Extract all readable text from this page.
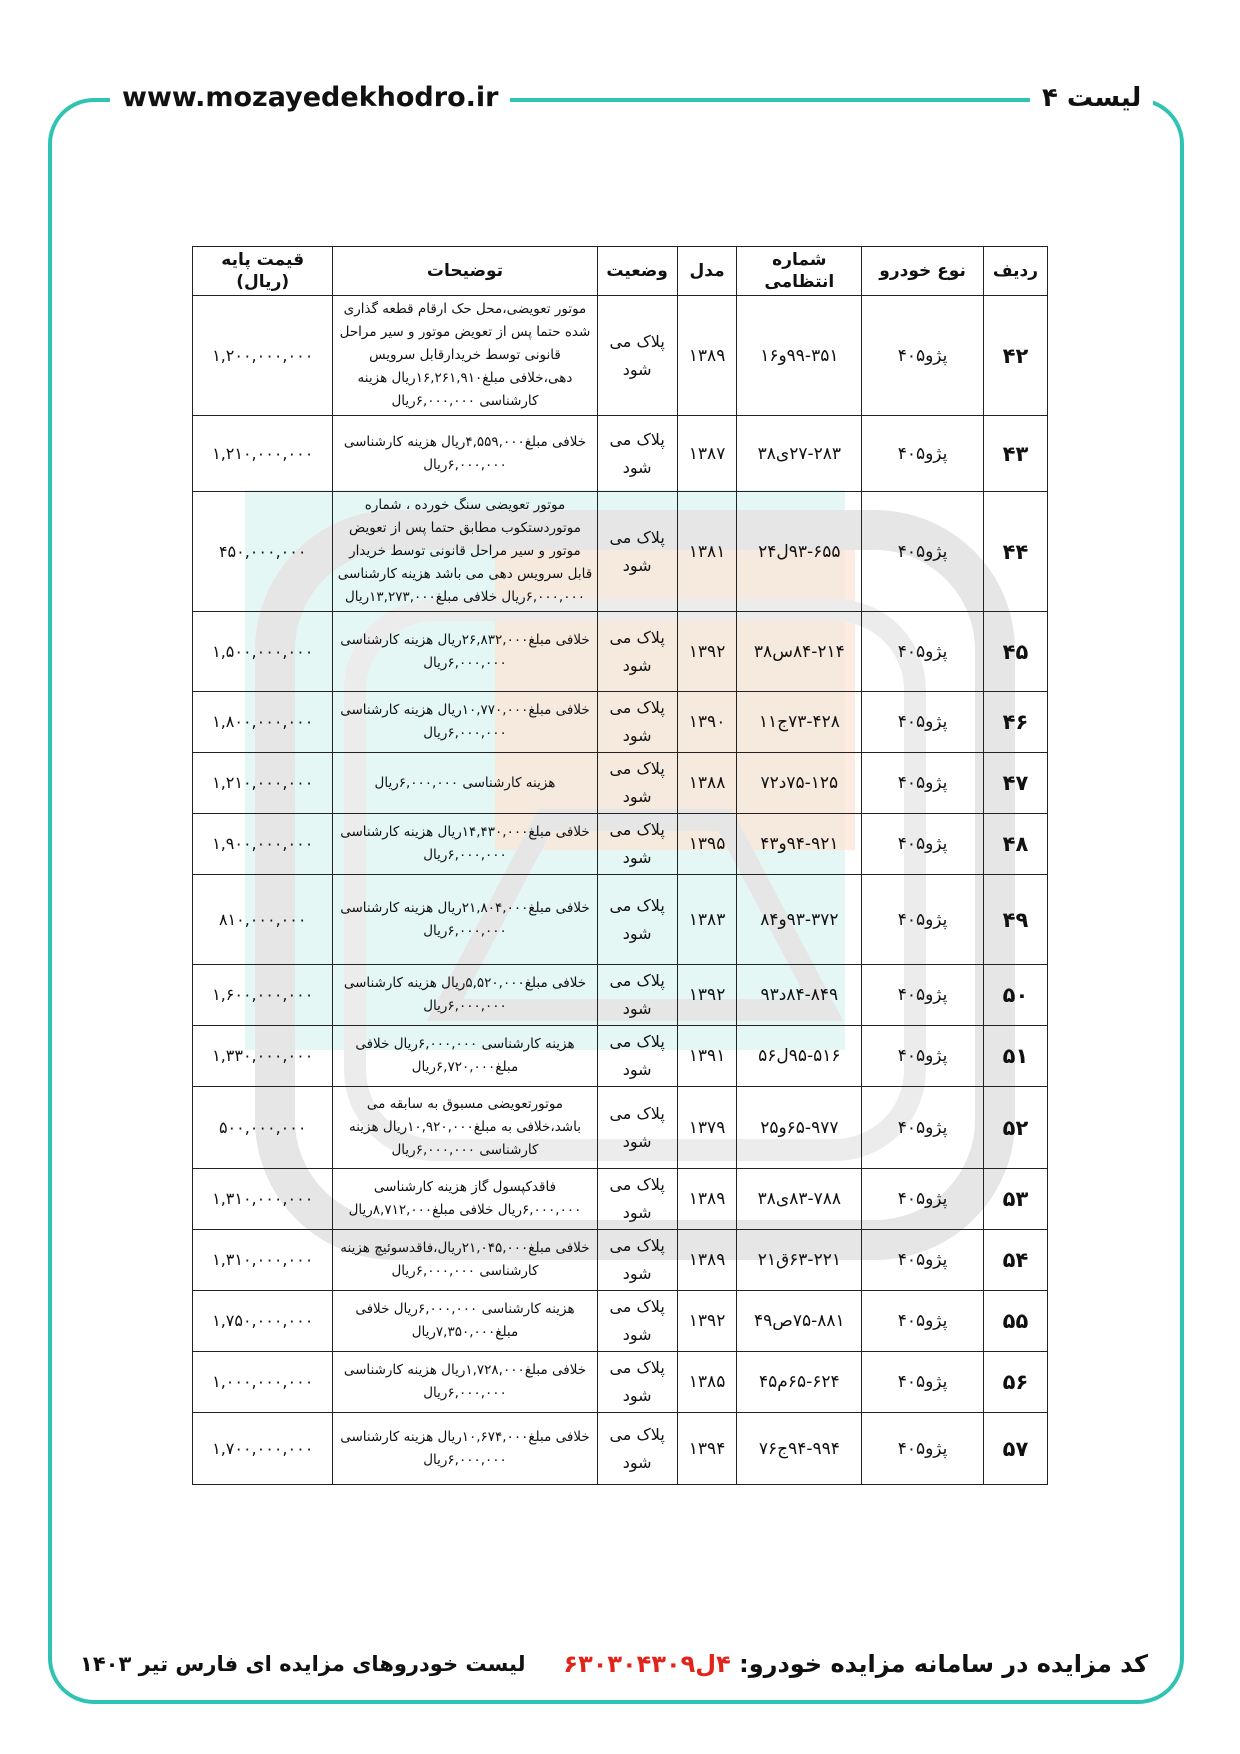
www.mozayedekhodro.ir	لیست ۴
ردیف	نوع خودرو	شماره انتظامی	مدل	وضعیت	توضیحات	قیمت پایه (ریال)
۴۲	پژو۴۰۵	۹۹-۳۵۱و۱۶	۱۳۸۹	پلاک می شود	موتور تعویضی،محل حک ارقام قطعه گذاری شده حتما پس از تعویض موتور و سیر مراحل قانونی توسط خریدارقابل سرویس دهی،خلافی مبلغ۱۶,۲۶۱,۹۱۰ریال هزینه کارشناسی ۶,۰۰۰,۰۰۰ریال	۱,۲۰۰,۰۰۰,۰۰۰
۴۳	پژو۴۰۵	۲۷-۲۸۳ی۳۸	۱۳۸۷	پلاک می شود	خلافی مبلغ۴,۵۵۹,۰۰۰ریال هزینه کارشناسی ۶,۰۰۰,۰۰۰ریال	۱,۲۱۰,۰۰۰,۰۰۰
۴۴	پژو۴۰۵	۹۳-۶۵۵ل۲۴	۱۳۸۱	پلاک می شود	موتور تعویضی سنگ خورده ، شماره موتوردستکوب مطابق حتما پس از تعویض موتور و سیر مراحل قانونی توسط خریدار قابل سرویس دهی می باشد هزینه کارشناسی ۶,۰۰۰,۰۰۰ریال خلافی مبلغ۱۳,۲۷۳,۰۰۰ریال	۴۵۰,۰۰۰,۰۰۰
۴۵	پژو۴۰۵	۸۴-۲۱۴س۳۸	۱۳۹۲	پلاک می شود	خلافی مبلغ۲۶,۸۳۲,۰۰۰ریال هزینه کارشناسی ۶,۰۰۰,۰۰۰ریال	۱,۵۰۰,۰۰۰,۰۰۰
۴۶	پژو۴۰۵	۷۳-۴۲۸ج۱۱	۱۳۹۰	پلاک می شود	خلافی مبلغ۱۰,۷۷۰,۰۰۰ریال هزینه کارشناسی ۶,۰۰۰,۰۰۰ریال	۱,۸۰۰,۰۰۰,۰۰۰
۴۷	پژو۴۰۵	۷۵-۱۲۵د۷۲	۱۳۸۸	پلاک می شود	هزینه کارشناسی ۶,۰۰۰,۰۰۰ریال	۱,۲۱۰,۰۰۰,۰۰۰
۴۸	پژو۴۰۵	۹۴-۹۲۱و۴۳	۱۳۹۵	پلاک می شود	خلافی مبلغ۱۴,۴۳۰,۰۰۰ریال هزینه کارشناسی ۶,۰۰۰,۰۰۰ریال	۱,۹۰۰,۰۰۰,۰۰۰
۴۹	پژو۴۰۵	۹۳-۳۷۲و۸۴	۱۳۸۳	پلاک می شود	خلافی مبلغ۲۱,۸۰۴,۰۰۰ریال هزینه کارشناسی ۶,۰۰۰,۰۰۰ریال	۸۱۰,۰۰۰,۰۰۰
۵۰	پژو۴۰۵	۸۴-۸۴۹د۹۳	۱۳۹۲	پلاک می شود	خلافی مبلغ۵,۵۲۰,۰۰۰ریال هزینه کارشناسی ۶,۰۰۰,۰۰۰ریال	۱,۶۰۰,۰۰۰,۰۰۰
۵۱	پژو۴۰۵	۹۵-۵۱۶ل۵۶	۱۳۹۱	پلاک می شود	هزینه کارشناسی ۶,۰۰۰,۰۰۰ریال خلافی مبلغ۶,۷۲۰,۰۰۰ریال	۱,۳۳۰,۰۰۰,۰۰۰
۵۲	پژو۴۰۵	۶۵-۹۷۷و۲۵	۱۳۷۹	پلاک می شود	موتورتعویضی مسبوق به سابقه می باشد،خلافی به مبلغ۱۰,۹۲۰,۰۰۰ریال هزینه کارشناسی ۶,۰۰۰,۰۰۰ریال	۵۰۰,۰۰۰,۰۰۰
۵۳	پژو۴۰۵	۸۳-۷۸۸ی۳۸	۱۳۸۹	پلاک می شود	فاقدکپسول گاز هزینه کارشناسی ۶,۰۰۰,۰۰۰ریال خلافی مبلغ۸,۷۱۲,۰۰۰ریال	۱,۳۱۰,۰۰۰,۰۰۰
۵۴	پژو۴۰۵	۶۳-۲۲۱ق۲۱	۱۳۸۹	پلاک می شود	خلافی مبلغ۲۱,۰۴۵,۰۰۰ریال،فاقدسوئیچ هزینه کارشناسی ۶,۰۰۰,۰۰۰ریال	۱,۳۱۰,۰۰۰,۰۰۰
۵۵	پژو۴۰۵	۷۵-۸۸۱ص۴۹	۱۳۹۲	پلاک می شود	هزینه کارشناسی ۶,۰۰۰,۰۰۰ریال خلافی مبلغ۷,۳۵۰,۰۰۰ریال	۱,۷۵۰,۰۰۰,۰۰۰
۵۶	پژو۴۰۵	۶۵-۶۲۴م۴۵	۱۳۸۵	پلاک می شود	خلافی مبلغ۱,۷۲۸,۰۰۰ریال هزینه کارشناسی ۶,۰۰۰,۰۰۰ریال	۱,۰۰۰,۰۰۰,۰۰۰
۵۷	پژو۴۰۵	۹۴-۹۹۴ج۷۶	۱۳۹۴	پلاک می شود	خلافی مبلغ۱۰,۶۷۴,۰۰۰ریال هزینه کارشناسی ۶,۰۰۰,۰۰۰ریال	۱,۷۰۰,۰۰۰,۰۰۰
لیست خودروهای مزایده ای فارس تیر ۱۴۰۳	کد مزایده در سامانه مزایده خودرو: ۴ل۶۳۰۳۰۴۳۰۹
